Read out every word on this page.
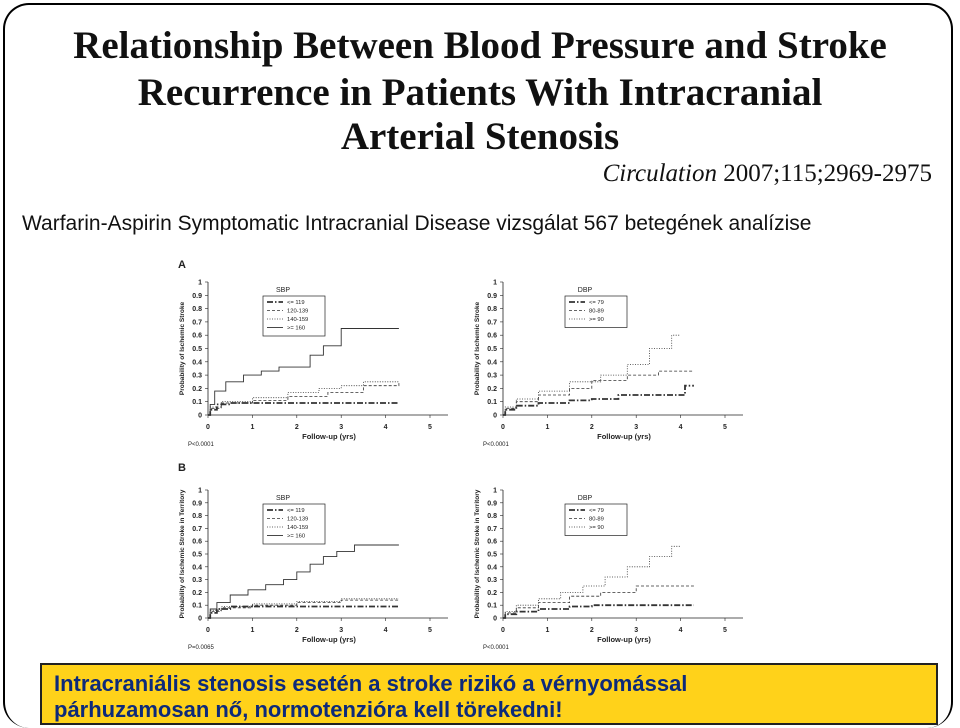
Relationship Between Blood Pressure and Stroke
Recurrence in Patients With Intracranial
Arterial Stenosis
Circulation 2007;115;2969-2975
Warfarin-Aspirin Symptomatic Intracranial Disease vizsgálat 567 betegének analízise
A
B
0
0.1
0.2
0.3
0.4
0.5
0.6
0.7
0.8
0.9
1
0	1	2	3	4	5
Follow-up (yrs)
Probability of Ischemic Stroke
SBP
<= 119
120-139
140-159
>= 160
0
0.1
0.2
0.3
0.4
0.5
0.6
0.7
0.8
0.9
1
0	1	2	3	4	5
Follow-up (yrs)
Probability of Ischemic Stroke
DBP
<= 79
80-89
>= 90
0
0.1
0.2
0.3
0.4
0.5
0.6
0.7
0.8
0.9
1
0	1	2	3	4	5
Follow-up (yrs)
Probability of Ischemic Stroke in Territory	SBP
<= 119
120-139
140-159
>= 160
0
0.1
0.2
0.3
0.4
0.5
0.6
0.7
0.8
0.9
1
0	1	2	3	4	5
Follow-up (yrs)
Probability of Ischemic Stroke in Territory	DBP
<= 79
80-89
>= 90
P<0.0001	P<0.0001
P=0.0065	P<0.0001
Intracraniális stenosis esetén a stroke rizikó a vérnyomással
párhuzamosan nő, normotenzióra kell törekedni!
